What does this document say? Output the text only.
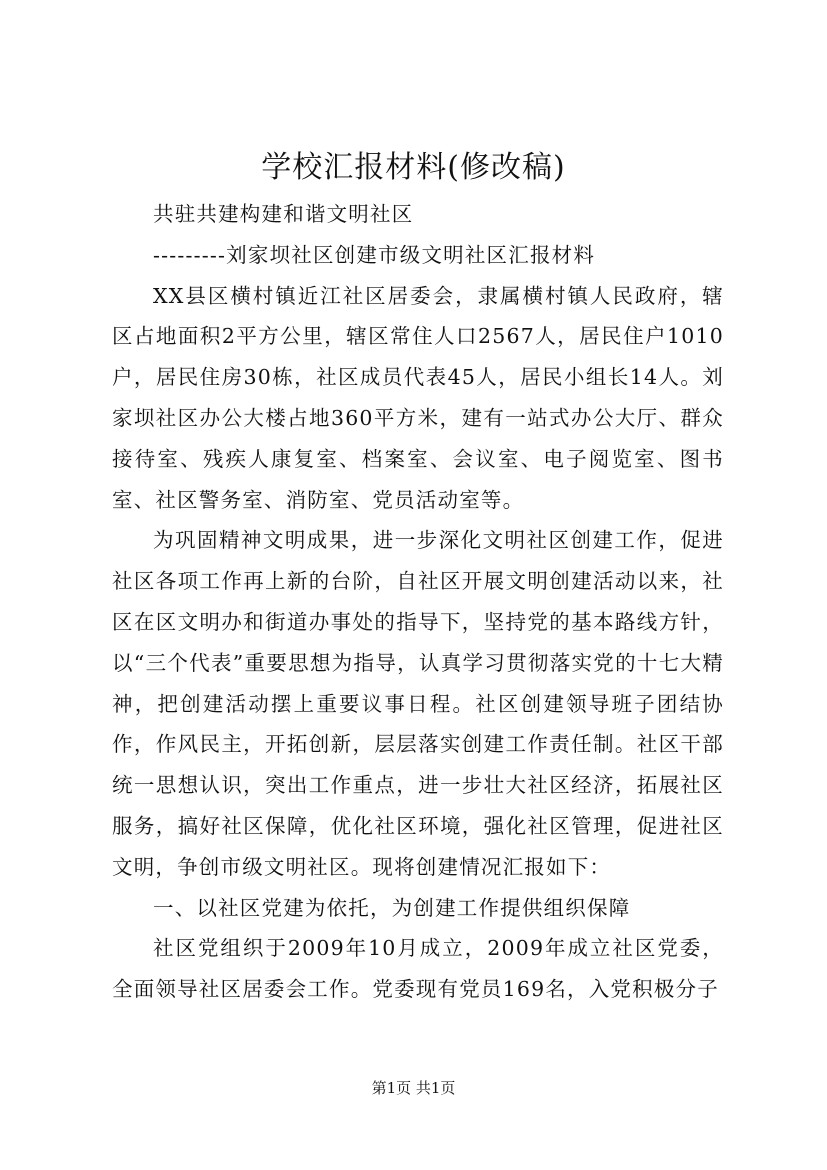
学校汇报材料(修改稿)

共驻共建构建和谐文明社区

---------刘家坝社区创建市级文明社区汇报材料

XX县区横村镇近江社区居委会，隶属横村镇人民政府，辖区占地面积2平方公里，辖区常住人口2567人，居民住户1010户，居民住房30栋，社区成员代表45人，居民小组长14人。刘家坝社区办公大楼占地360平方米，建有一站式办公大厅、群众接待室、残疾人康复室、档案室、会议室、电子阅览室、图书室、社区警务室、消防室、党员活动室等。

为巩固精神文明成果，进一步深化文明社区创建工作，促进社区各项工作再上新的台阶，自社区开展文明创建活动以来，社区在区文明办和街道办事处的指导下，坚持党的基本路线方针，以“三个代表”重要思想为指导，认真学习贯彻落实党的十七大精神，把创建活动摆上重要议事日程。社区创建领导班子团结协作，作风民主，开拓创新，层层落实创建工作责任制。社区干部统一思想认识，突出工作重点，进一步壮大社区经济，拓展社区服务，搞好社区保障，优化社区环境，强化社区管理，促进社区文明，争创市级文明社区。现将创建情况汇报如下：

一、以社区党建为依托，为创建工作提供组织保障

社区党组织于2009年10月成立，2009年成立社区党委，全面领导社区居委会工作。党委现有党员169名，入党积极分子

第1页 共1页
